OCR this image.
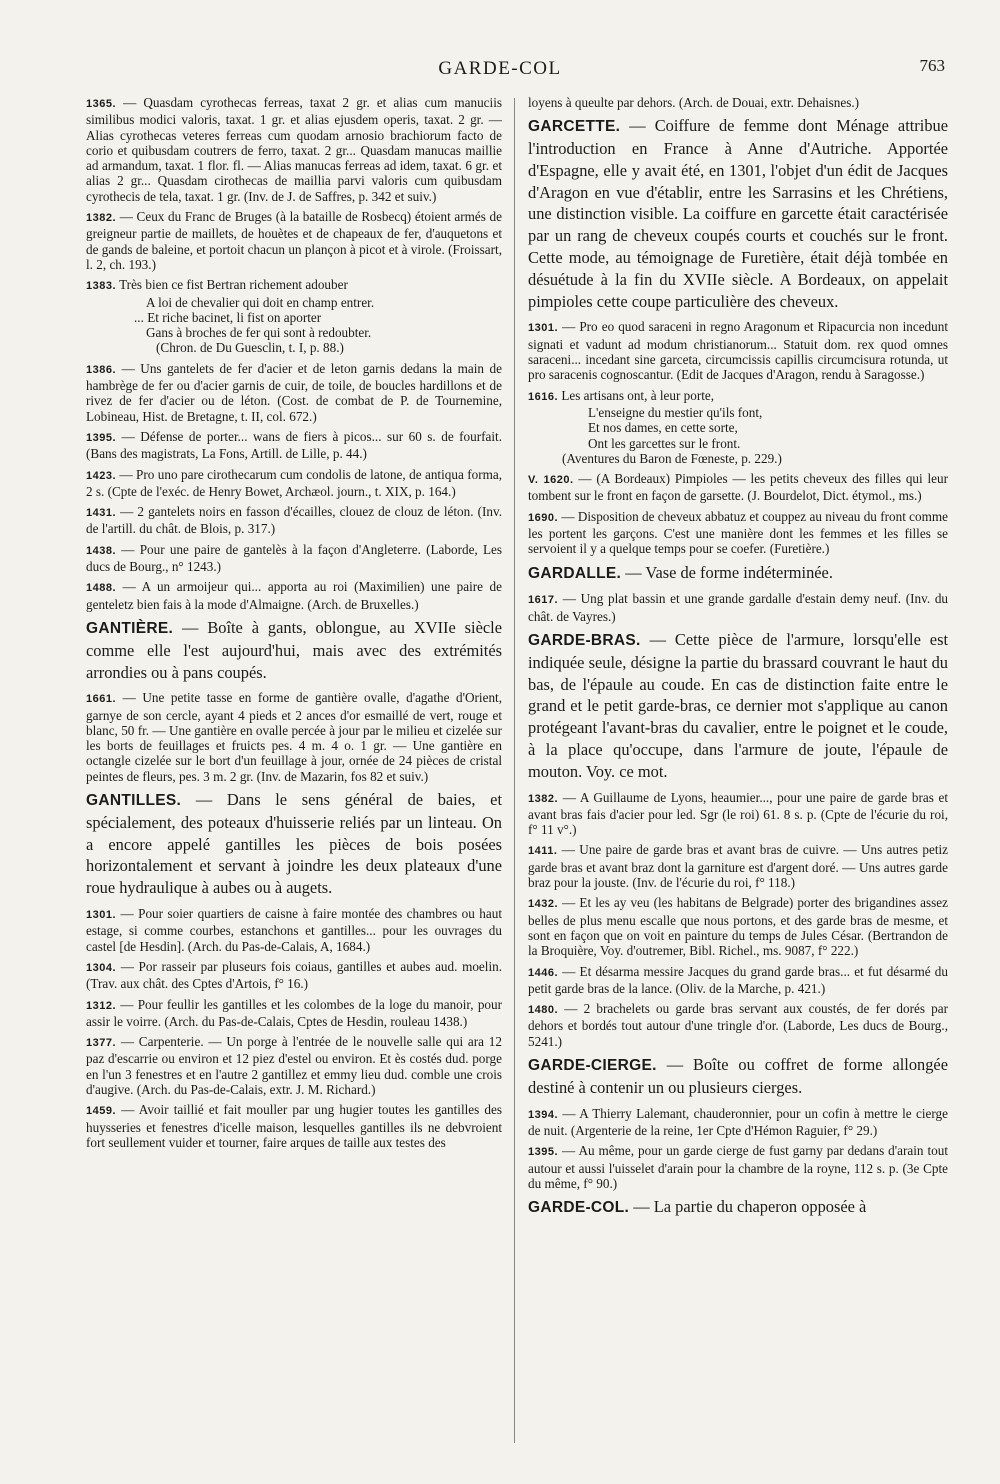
GARDE-COL	763

1365. — Quasdam cyrothecas ferreas, taxat 2 gr. et alias cum manuciis similibus modici valoris, taxat. 1 gr. et alias ejusdem operis, taxat. 2 gr. — Alias cyrothecas veteres ferreas cum quodam arnosio brachiorum facto de corio et quibusdam coutrers de ferro, taxat. 2 gr... Quasdam manucas maillie ad armandum, taxat. 1 flor. fl. — Alias manucas ferreas ad idem, taxat. 6 gr. et alias 2 gr... Quasdam cirothecas de maillia parvi valoris cum quibusdam cyrothecis de tela, taxat. 1 gr. (Inv. de J. de Saffres, p. 342 et suiv.)

1382. — Ceux du Franc de Bruges (à la bataille de Rosbecq) étoient armés de greigneur partie de maillets, de houètes et de chapeaux de fer, d'auquetons et de gands de baleine, et portoit chacun un plançon à picot et à virole. (Froissart, l. 2, ch. 193.)

1383. Très bien ce fist Bertran richement adouber
A loi de chevalier qui doit en champ entrer.
... Et riche bacinet, li fist on aporter
Gans à broches de fer qui sont à redoubter.
(Chron. de Du Guesclin, t. I, p. 88.)

1386. — Uns gantelets de fer d'acier et de leton garnis dedans la main de hambrège de fer ou d'acier garnis de cuir, de toile, de boucles hardillons et de rivez de fer d'acier ou de léton. (Cost. de combat de P. de Tournemine, Lobineau, Hist. de Bretagne, t. II, col. 672.)

1395. — Défense de porter... wans de fiers à picos... sur 60 s. de fourfait. (Bans des magistrats, La Fons, Artill. de Lille, p. 44.)

1423. — Pro uno pare cirothecarum cum condolis de latone, de antiqua forma, 2 s. (Cpte de l'exéc. de Henry Bowet, Archæol. journ., t. XIX, p. 164.)

1431. — 2 gantelets noirs en fasson d'écailles, clouez de clouz de léton. (Inv. de l'artill. du chât. de Blois, p. 317.)

1438. — Pour une paire de gantelès à la façon d'Angleterre. (Laborde, Les ducs de Bourg., n° 1243.)

1488. — A un armoijeur qui... apporta au roi (Maximilien) une paire de genteletz bien fais à la mode d'Almaigne. (Arch. de Bruxelles.)

GANTIÈRE. — Boîte à gants, oblongue, au XVIIe siècle comme elle l'est aujourd'hui, mais avec des extrémités arrondies ou à pans coupés.

1661. — Une petite tasse en forme de gantière ovalle, d'agathe d'Orient, garnye de son cercle, ayant 4 pieds et 2 ances d'or esmaillé de vert, rouge et blanc, 50 fr. — Une gantière en ovalle percée à jour par le milieu et cizelée sur les borts de feuillages et fruicts pes. 4 m. 4 o. 1 gr. — Une gantière en octangle cizelée sur le bort d'un feuillage à jour, ornée de 24 pièces de cristal peintes de fleurs, pes. 3 m. 2 gr. (Inv. de Mazarin, fos 82 et suiv.)

GANTILLES. — Dans le sens général de baies, et spécialement, des poteaux d'huisserie reliés par un linteau. On a encore appelé gantilles les pièces de bois posées horizontalement et servant à joindre les deux plateaux d'une roue hydraulique à aubes ou à augets.

1301. — Pour soier quartiers de caisne à faire montée des chambres ou haut estage, si comme courbes, estanchons et gantilles... pour les ouvrages du castel [de Hesdin]. (Arch. du Pas-de-Calais, A, 1684.)

1304. — Por rasseir par pluseurs fois coiaus, gantilles et aubes aud. moelin. (Trav. aux chât. des Cptes d'Artois, f° 16.)

1312. — Pour feullir les gantilles et les colombes de la loge du manoir, pour assir le voirre. (Arch. du Pas-de-Calais, Cptes de Hesdin, rouleau 1438.)

1377. — Carpenterie. — Un porge à l'entrée de le nouvelle salle qui ara 12 paz d'escarrie ou environ et 12 piez d'estel ou environ. Et ès costés dud. porge en l'un 3 fenestres et en l'autre 2 gantillez et emmy lieu dud. comble une crois d'augive. (Arch. du Pas-de-Calais, extr. J. M. Richard.)

1459. — Avoir taillié et fait mouller par ung hugier toutes les gantilles des huysseries et fenestres d'icelle maison, lesquelles gantilles ils ne debvroient fort seullement vuider et tourner, faire arques de taille aux testes des

loyens à queulte par dehors. (Arch. de Douai, extr. Dehaisnes.)

GARCETTE. — Coiffure de femme dont Ménage attribue l'introduction en France à Anne d'Autriche. Apportée d'Espagne, elle y avait été, en 1301, l'objet d'un édit de Jacques d'Aragon en vue d'établir, entre les Sarrasins et les Chrétiens, une distinction visible. La coiffure en garcette était caractérisée par un rang de cheveux coupés courts et couchés sur le front. Cette mode, au témoignage de Furetière, était déjà tombée en désuétude à la fin du XVIIe siècle. A Bordeaux, on appelait pimpioles cette coupe particulière des cheveux.

1301. — Pro eo quod saraceni in regno Aragonum et Ripacurcia non incedunt signati et vadunt ad modum christianorum... Statuit dom. rex quod omnes saraceni... incedant sine garceta, circumcissis capillis circumcisura rotunda, ut pro saracenis cognoscantur. (Edit de Jacques d'Aragon, rendu à Saragosse.)

1616. Les artisans ont, à leur porte,
L'enseigne du mestier qu'ils font,
Et nos dames, en cette sorte,
Ont les garcettes sur le front.
(Aventures du Baron de Fœneste, p. 229.)

V. 1620. — (A Bordeaux) Pimpioles — les petits cheveux des filles qui leur tombent sur le front en façon de garsette. (J. Bourdelot, Dict. étymol., ms.)

1690. — Disposition de cheveux abbatuz et couppez au niveau du front comme les portent les garçons. C'est une manière dont les femmes et les filles se servoient il y a quelque temps pour se coefer. (Furetière.)

GARDALLE. — Vase de forme indéterminée.

1617. — Ung plat bassin et une grande gardalle d'estain demy neuf. (Inv. du chât. de Vayres.)

GARDE-BRAS. — Cette pièce de l'armure, lorsqu'elle est indiquée seule, désigne la partie du brassard couvrant le haut du bas, de l'épaule au coude. En cas de distinction faite entre le grand et le petit garde-bras, ce dernier mot s'applique au canon protégeant l'avant-bras du cavalier, entre le poignet et le coude, à la place qu'occupe, dans l'armure de joute, l'épaule de mouton. Voy. ce mot.

1382. — A Guillaume de Lyons, heaumier..., pour une paire de garde bras et avant bras fais d'acier pour led. Sgr (le roi) 61. 8 s. p. (Cpte de l'écurie du roi, f° 11 v°.)

1411. — Une paire de garde bras et avant bras de cuivre. — Uns autres petiz garde bras et avant braz dont la garniture est d'argent doré. — Uns autres garde braz pour la jouste. (Inv. de l'écurie du roi, f° 118.)

1432. — Et les ay veu (les habitans de Belgrade) porter des brigandines assez belles de plus menu escalle que nous portons, et des garde bras de mesme, et sont en façon que on voit en painture du temps de Jules César. (Bertrandon de la Broquière, Voy. d'outremer, Bibl. Richel., ms. 9087, f° 222.)

1446. — Et désarma messire Jacques du grand garde bras... et fut désarmé du petit garde bras de la lance. (Oliv. de la Marche, p. 421.)

1480. — 2 brachelets ou garde bras servant aux coustés, de fer dorés par dehors et bordés tout autour d'une tringle d'or. (Laborde, Les ducs de Bourg., 5241.)

GARDE-CIERGE. — Boîte ou coffret de forme allongée destiné à contenir un ou plusieurs cierges.

1394. — A Thierry Lalemant, chauderonnier, pour un cofin à mettre le cierge de nuit. (Argenterie de la reine, 1er Cpte d'Hémon Raguier, f° 29.)

1395. — Au même, pour un garde cierge de fust garny par dedans d'arain tout autour et aussi l'uisselet d'arain pour la chambre de la royne, 112 s. p. (3e Cpte du même, f° 90.)

GARDE-COL. — La partie du chaperon opposée à
